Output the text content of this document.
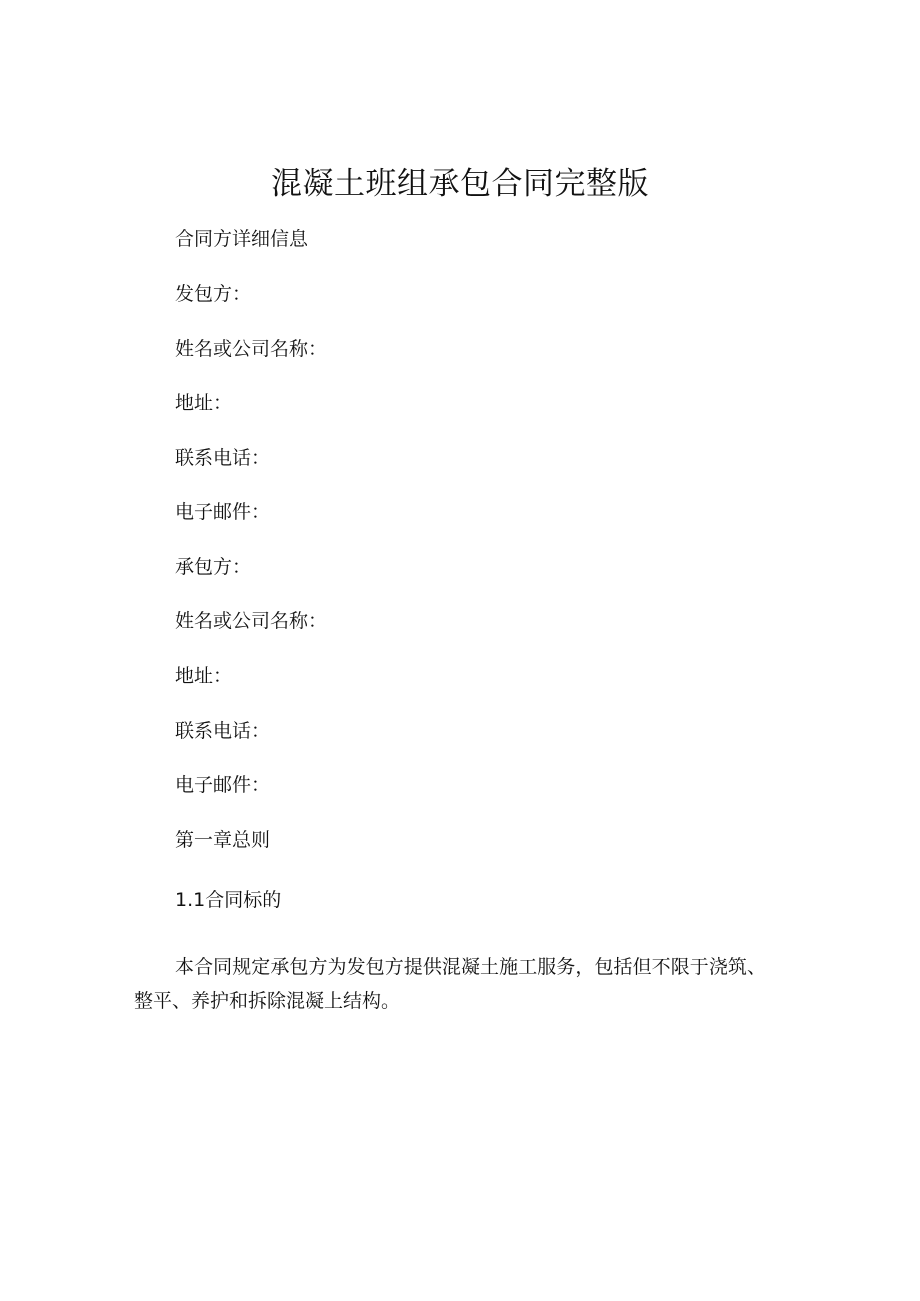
混凝土班组承包合同完整版
合同方详细信息
发包方：
姓名或公司名称：
地址：
联系电话：
电子邮件：
承包方：
姓名或公司名称：
地址：
联系电话：
电子邮件：
第一章总则
1.1合同标的
本合同规定承包方为发包方提供混凝土施工服务，包括但不限于浇筑、整平、养护和拆除混凝上结构。
